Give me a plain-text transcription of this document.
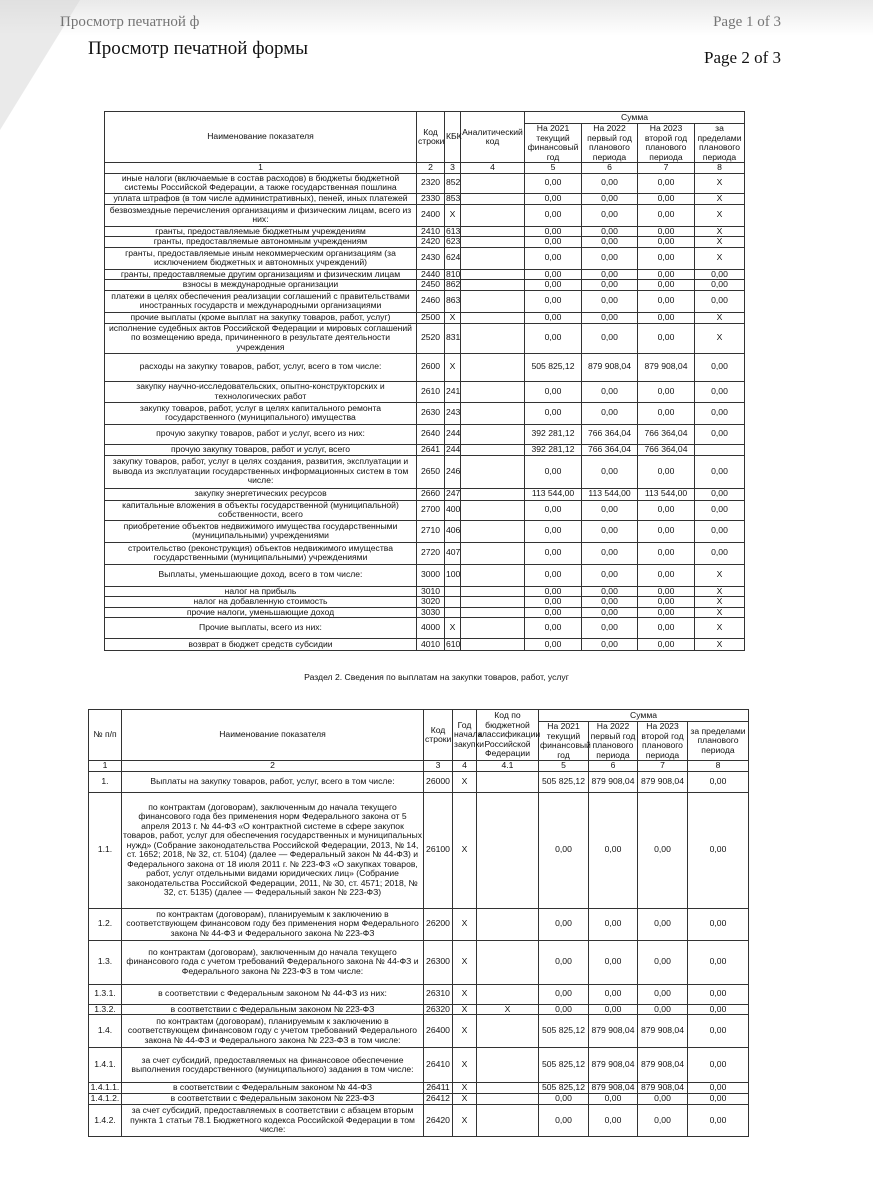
Просмотр печатной ф	Page 1 of 3
Просмотр печатной формы	Page 2 of 3
Наименование показателя	Код строки	КБК	Аналитический код	Сумма			
				На 2021 текущий финансовый год	На 2022 первый год планового периода	На 2023 второй год планового периода	за пределами планового периода
1	2	3	4	5	6	7	8
иные налоги (включаемые в состав расходов) в бюджеты бюджетной системы Российской Федерации, а также государственная пошлина	2320	852		0,00	0,00	0,00	X
уплата штрафов (в том числе административных), пеней, иных платежей	2330	853		0,00	0,00	0,00	X
безвозмездные перечисления организациям и физическим лицам, всего из них:	2400	X		0,00	0,00	0,00	X
гранты, предоставляемые бюджетным учреждениям	2410	613		0,00	0,00	0,00	X
гранты, предоставляемые автономным учреждениям	2420	623		0,00	0,00	0,00	X
гранты, предоставляемые иным некоммерческим организациям (за исключением бюджетных и автономных учреждений)	2430	624		0,00	0,00	0,00	X
гранты, предоставляемые другим организациям и физическим лицам	2440	810		0,00	0,00	0,00	0,00
взносы в международные организации	2450	862		0,00	0,00	0,00	0,00
платежи в целях обеспечения реализации соглашений с правительствами иностранных государств и международными организациями	2460	863		0,00	0,00	0,00	0,00
прочие выплаты (кроме выплат на закупку товаров, работ, услуг)	2500	X		0,00	0,00	0,00	X
исполнение судебных актов Российской Федерации и мировых соглашений по возмещению вреда, причиненного в результате деятельности учреждения	2520	831		0,00	0,00	0,00	X
расходы на закупку товаров, работ, услуг, всего в том числе:	2600	X		505 825,12	879 908,04	879 908,04	0,00
закупку научно-исследовательских, опытно-конструкторских и технологических работ	2610	241		0,00	0,00	0,00	0,00
закупку товаров, работ, услуг в целях капитального ремонта государственного (муниципального) имущества	2630	243		0,00	0,00	0,00	0,00
прочую закупку товаров, работ и услуг, всего из них:	2640	244		392 281,12	766 364,04	766 364,04	0,00
прочую закупку товаров, работ и услуг, всего	2641	244		392 281,12	766 364,04	766 364,04	
закупку товаров, работ, услуг в целях создания, развития, эксплуатации и вывода из эксплуатации государственных информационных систем в том числе:	2650	246		0,00	0,00	0,00	0,00
закупку энергетических ресурсов	2660	247		113 544,00	113 544,00	113 544,00	0,00
капитальные вложения в объекты государственной (муниципальной) собственности, всего	2700	400		0,00	0,00	0,00	0,00
приобретение объектов недвижимого имущества государственными (муниципальными) учреждениями	2710	406		0,00	0,00	0,00	0,00
строительство (реконструкция) объектов недвижимого имущества государственными (муниципальными) учреждениями	2720	407		0,00	0,00	0,00	0,00
Выплаты, уменьшающие доход, всего в том числе:	3000	100		0,00	0,00	0,00	X
налог на прибыль	3010			0,00	0,00	0,00	X
налог на добавленную стоимость	3020			0,00	0,00	0,00	X
прочие налоги, уменьшающие доход	3030			0,00	0,00	0,00	X
Прочие выплаты, всего из них:	4000	X		0,00	0,00	0,00	X
возврат в бюджет средств субсидии	4010	610		0,00	0,00	0,00	X
Раздел 2. Сведения по выплатам на закупки товаров, работ, услуг
№ п/п	Наименование показателя	Код строки	Год начала закупки	Код по бюджетной классификации Российской Федерации	Сумма			
					На 2021 текущий финансовый год	На 2022 первый год планового периода	На 2023 второй год планового периода	за пределами планового периода
1	2	3	4	4.1	5	6	7	8
1.	Выплаты на закупку товаров, работ, услуг, всего в том числе:	26000	X		505 825,12	879 908,04	879 908,04	0,00
1.1.	по контрактам (договорам), заключенным до начала текущего финансового года без применения норм Федерального закона от 5 апреля 2013 г. № 44-ФЗ «О контрактной системе в сфере закупок товаров, работ, услуг для обеспечения государственных и муниципальных нужд» (Собрание законодательства Российской Федерации, 2013, № 14, ст. 1652; 2018, № 32, ст. 5104) (далее — Федеральный закон № 44-ФЗ) и Федерального закона от 18 июля 2011 г. № 223-ФЗ «О закупках товаров, работ, услуг отдельными видами юридических лиц» (Собрание законодательства Российской Федерации, 2011, № 30, ст. 4571; 2018, № 32, ст. 5135) (далее — Федеральный закон № 223-ФЗ)	26100	X		0,00	0,00	0,00	0,00
1.2.	по контрактам (договорам), планируемым к заключению в соответствующем финансовом году без применения норм Федерального закона № 44-ФЗ и Федерального закона № 223-ФЗ	26200	X		0,00	0,00	0,00	0,00
1.3.	по контрактам (договорам), заключенным до начала текущего финансового года с учетом требований Федерального закона № 44-ФЗ и Федерального закона № 223-ФЗ в том числе:	26300	X		0,00	0,00	0,00	0,00
1.3.1.	в соответствии с Федеральным законом № 44-ФЗ из них:	26310	X		0,00	0,00	0,00	0,00
1.3.2.	в соответствии с Федеральным законом № 223-ФЗ	26320	X	X	0,00	0,00	0,00	0,00
1.4.	по контрактам (договорам), планируемым к заключению в соответствующем финансовом году с учетом требований Федерального закона № 44-ФЗ и Федерального закона № 223-ФЗ в том числе:	26400	X		505 825,12	879 908,04	879 908,04	0,00
1.4.1.	за счет субсидий, предоставляемых на финансовое обеспечение выполнения государственного (муниципального) задания в том числе:	26410	X		505 825,12	879 908,04	879 908,04	0,00
1.4.1.1.	в соответствии с Федеральным законом № 44-ФЗ	26411	X		505 825,12	879 908,04	879 908,04	0,00
1.4.1.2.	в соответствии с Федеральным законом № 223-ФЗ	26412	X		0,00	0,00	0,00	0,00
1.4.2.	за счет субсидий, предоставляемых в соответствии с абзацем вторым пункта 1 статьи 78.1 Бюджетного кодекса Российской Федерации в том числе:	26420	X		0,00	0,00	0,00	0,00
